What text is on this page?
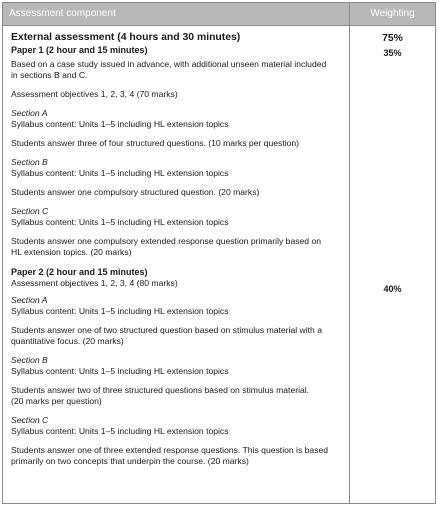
Assessment component	Weighting
External assessment (4 hours and 30 minutes)
Paper 1 (2 hour and 15 minutes)

Based on a case study issued in advance, with additional unseen material included

in sections B and C.

Assessment objectives 1, 2, 3, 4 (70 marks)

Section A

Syllabus content: Units 1–5 including HL extension topics

Students answer three of four structured questions. (10 marks per question)

Section B

Syllabus content: Units 1–5 including HL extension topics

Students answer one compulsory structured question. (20 marks)

Section C

Syllabus content: Units 1–5 including HL extension topics

Students answer one compulsory extended response question primarily based on

HL extension topics. (20 marks)

Paper 2 (2 hour and 15 minutes)

Assessment objectives 1, 2, 3, 4 (80 marks)

Section A

Syllabus content: Units 1–5 including HL extension topics

Students answer one of two structured question based on stimulus material with a

quantitative focus. (20 marks)

Section B

Syllabus content: Units 1–5 including HL extension topics

Students answer two of three structured questions based on stimulus material.

(20 marks per question)

Section C

Syllabus content: Units 1–5 including HL extension topics

Students answer one of three extended response questions. This question is based

primarily on two concepts that underpin the course. (20 marks)

75%
35%
40%
